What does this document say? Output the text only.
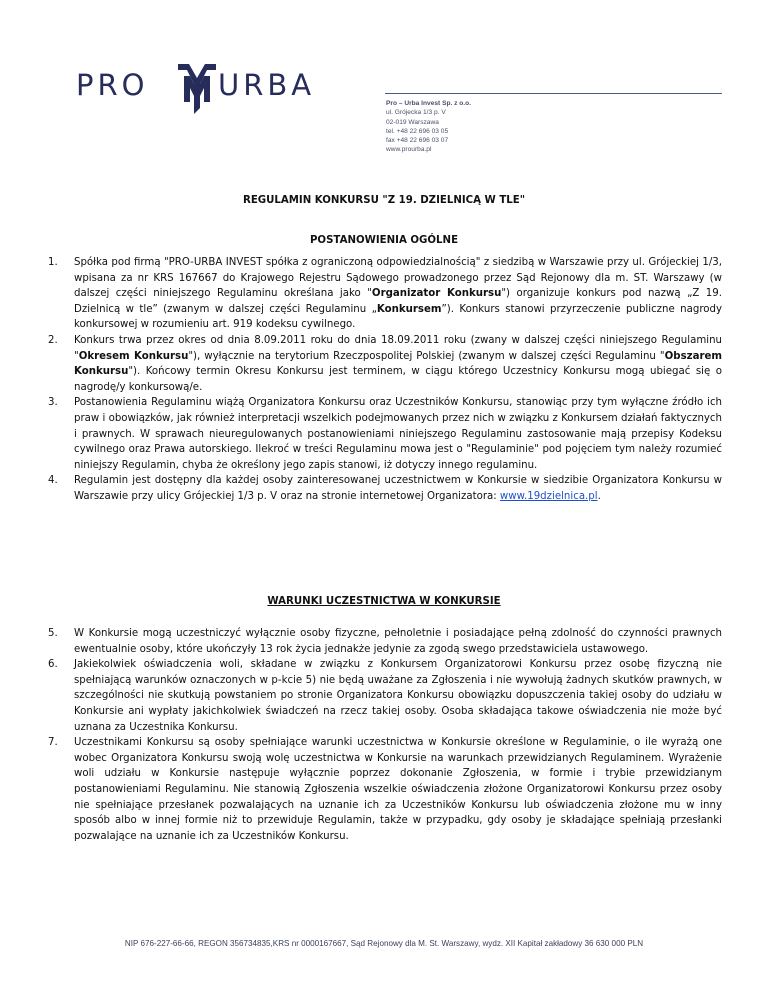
PRO URBA
Pro – Urba Invest Sp. z o.o.
ul. Grójecka 1/3 p. V
02-019 Warszawa
tel. +48 22 696 03 05
fax +48 22 696 03 07
www.prourba.pl
REGULAMIN KONKURSU "Z 19. DZIELNICĄ W TLE"
POSTANOWIENIA OGÓLNE
1. Spółka pod firmą "PRO-URBA INVEST spółka z ograniczoną odpowiedzialnością" z siedzibą w Warszawie przy ul. Grójeckiej 1/3, wpisana za nr KRS 167667 do Krajowego Rejestru Sądowego prowadzonego przez Sąd Rejonowy dla m. ST. Warszawy (w dalszej części niniejszego Regulaminu określana jako "Organizator Konkursu") organizuje konkurs pod nazwą „Z 19. Dzielnicą w tle” (zwanym w dalszej części Regulaminu „Konkursem”). Konkurs stanowi przyrzeczenie publiczne nagrody konkursowej w rozumieniu art. 919 kodeksu cywilnego.
2. Konkurs trwa przez okres od dnia 8.09.2011 roku do dnia 18.09.2011 roku (zwany w dalszej części niniejszego Regulaminu "Okresem Konkursu"), wyłącznie na terytorium Rzeczpospolitej Polskiej (zwanym w dalszej części Regulaminu "Obszarem Konkursu"). Końcowy termin Okresu Konkursu jest terminem, w ciągu którego Uczestnicy Konkursu mogą ubiegać się o nagrodę/y konkursową/e.
3. Postanowienia Regulaminu wiążą Organizatora Konkursu oraz Uczestników Konkursu, stanowiąc przy tym wyłączne źródło ich praw i obowiązków, jak również interpretacji wszelkich podejmowanych przez nich w związku z Konkursem działań faktycznych i prawnych. W sprawach nieuregulowanych postanowieniami niniejszego Regulaminu zastosowanie mają przepisy Kodeksu cywilnego oraz Prawa autorskiego. Ilekroć w treści Regulaminu mowa jest o "Regulaminie" pod pojęciem tym należy rozumieć niniejszy Regulamin, chyba że określony jego zapis stanowi, iż dotyczy innego regulaminu.
4. Regulamin jest dostępny dla każdej osoby zainteresowanej uczestnictwem w Konkursie w siedzibie Organizatora Konkursu w Warszawie przy ulicy Grójeckiej 1/3 p. V oraz na stronie internetowej Organizatora: www.19dzielnica.pl.
WARUNKI UCZESTNICTWA W KONKURSIE
5. W Konkursie mogą uczestniczyć wyłącznie osoby fizyczne, pełnoletnie i posiadające pełną zdolność do czynności prawnych ewentualnie osoby, które ukończyły 13 rok życia jednakże jedynie za zgodą swego przedstawiciela ustawowego.
6. Jakiekolwiek oświadczenia woli, składane w związku z Konkursem Organizatorowi Konkursu przez osobę fizyczną nie spełniającą warunków oznaczonych w p-kcie 5) nie będą uważane za Zgłoszenia i nie wywołują żadnych skutków prawnych, w szczególności nie skutkują powstaniem po stronie Organizatora Konkursu obowiązku dopuszczenia takiej osoby do udziału w Konkursie ani wypłaty jakichkolwiek świadczeń na rzecz takiej osoby. Osoba składająca takowe oświadczenia nie może być uznana za Uczestnika Konkursu.
7. Uczestnikami Konkursu są osoby spełniające warunki uczestnictwa w Konkursie określone w Regulaminie, o ile wyrażą one wobec Organizatora Konkursu swoją wolę uczestnictwa w Konkursie na warunkach przewidzianych Regulaminem. Wyrażenie woli udziału w Konkursie następuje wyłącznie poprzez dokonanie Zgłoszenia, w formie i trybie przewidzianym postanowieniami Regulaminu. Nie stanowią Zgłoszenia wszelkie oświadczenia złożone Organizatorowi Konkursu przez osoby nie spełniające przesłanek pozwalających na uznanie ich za Uczestników Konkursu lub oświadczenia złożone mu w inny sposób albo w innej formie niż to przewiduje Regulamin, także w przypadku, gdy osoby je składające spełniają przesłanki pozwalające na uznanie ich za Uczestników Konkursu.
NIP 676-227-66-66, REGON 356734835,KRS nr 0000167667, Sąd Rejonowy dla M. St. Warszawy, wydz. XII Kapitał zakładowy 36 630 000 PLN
